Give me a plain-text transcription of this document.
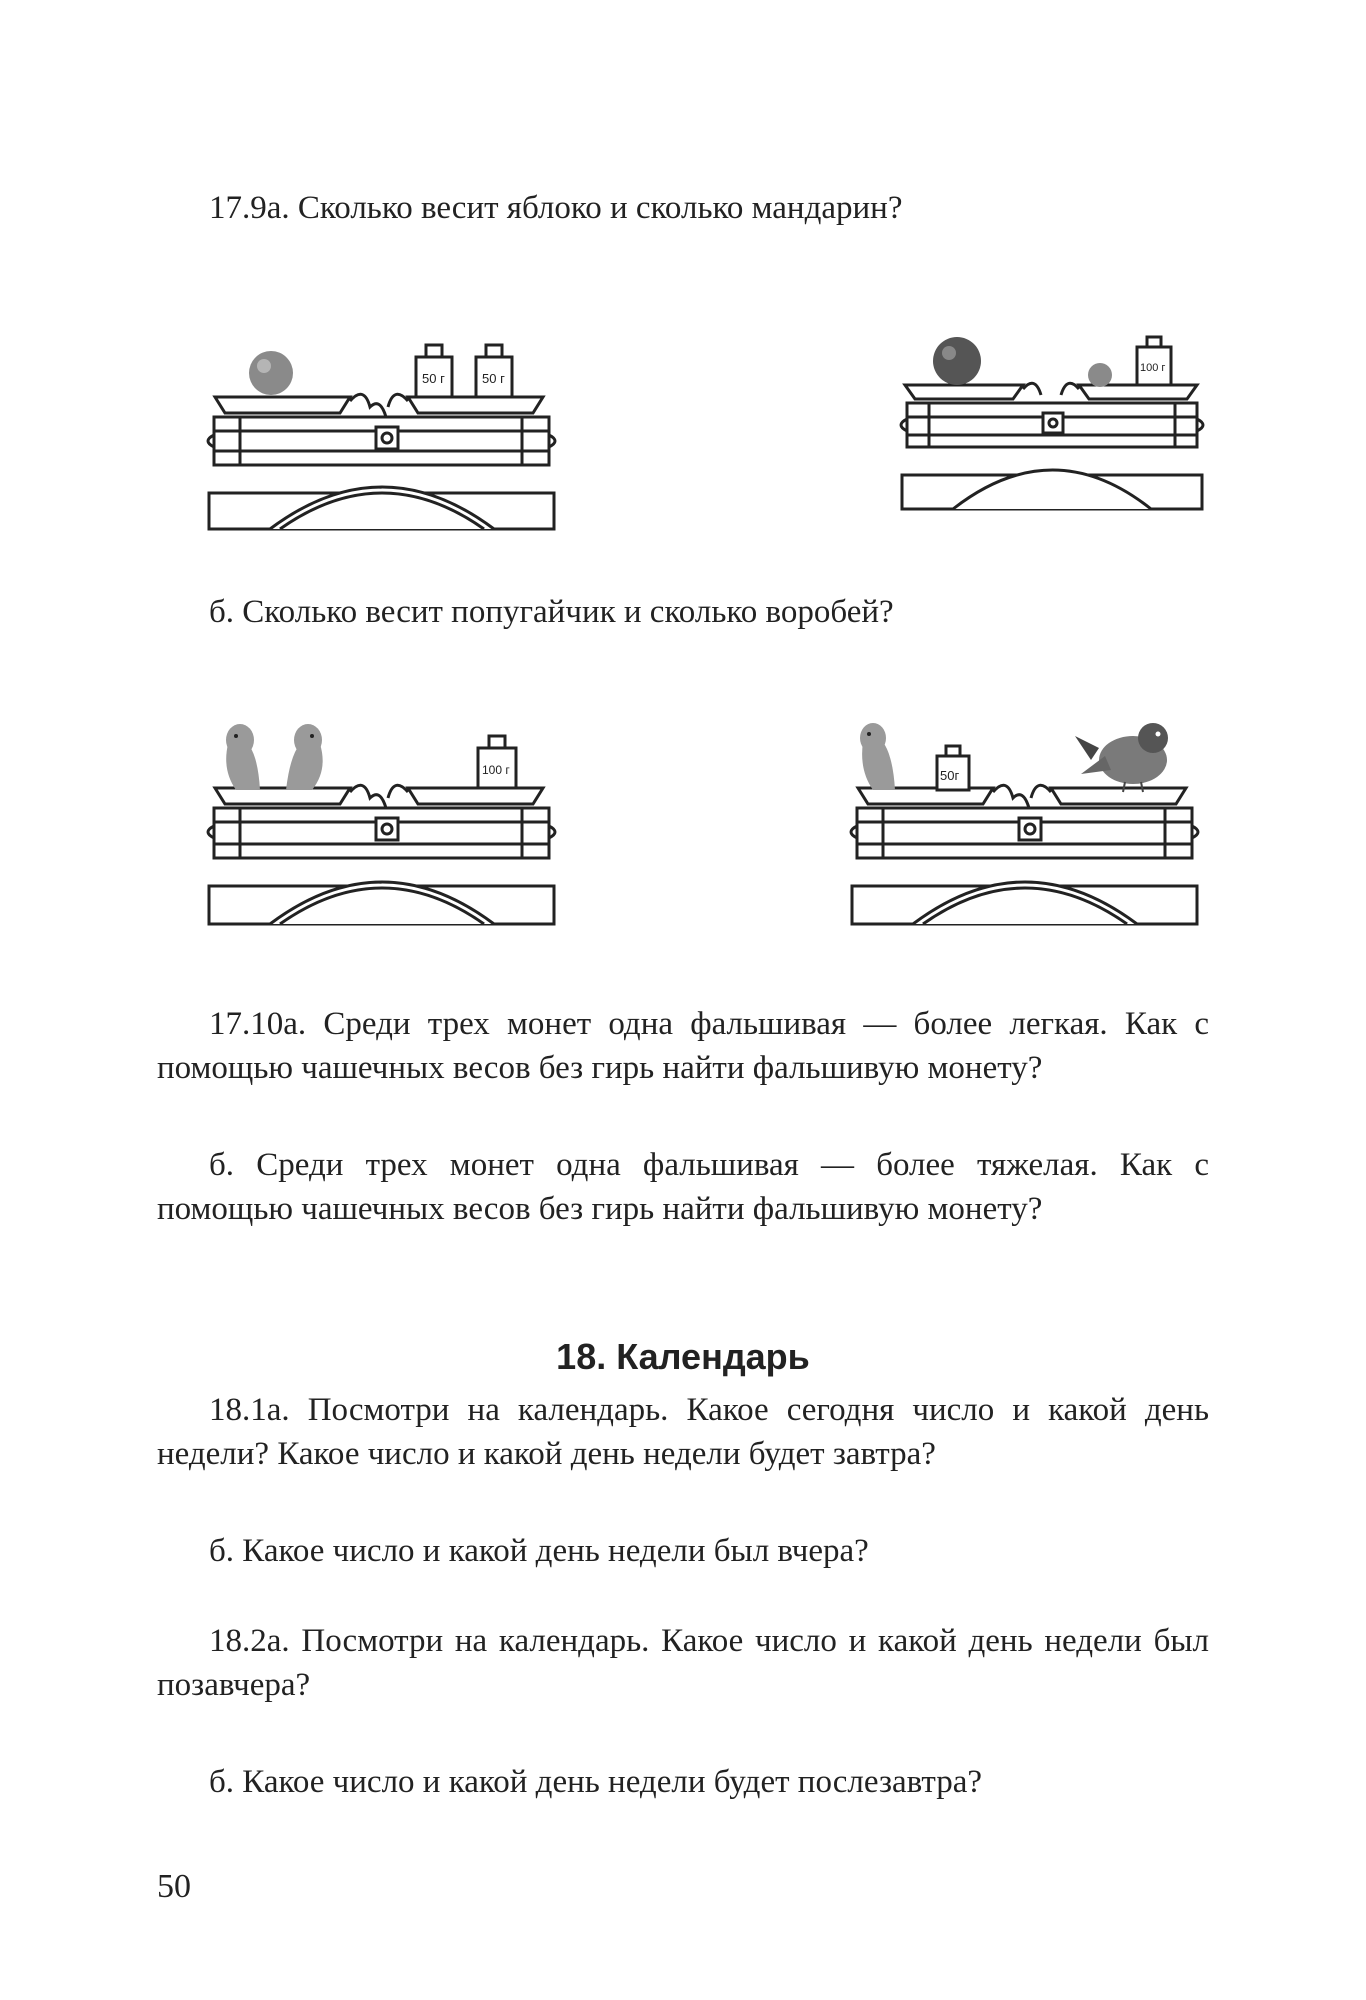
17.9а. Сколько весит яблоко и сколько мандарин?
50 г	50 г
100 г
б. Сколько весит попугайчик и сколько воробей?
100 г	50г
17.10а. Среди трех монет одна фальшивая — более легкая. Как с помощью чашечных весов без гирь найти фальшивую монету?
б. Среди трех монет одна фальшивая — более тяжелая. Как с помощью чашечных весов без гирь найти фальшивую монету?
18. Календарь
18.1а. Посмотри на календарь. Какое сегодня число и какой день недели? Какое число и какой день недели будет завтра?
б. Какое число и какой день недели был вчера?
18.2а. Посмотри на календарь. Какое число и какой день недели был позавчера?
б. Какое число и какой день недели будет послезавтра?
50
